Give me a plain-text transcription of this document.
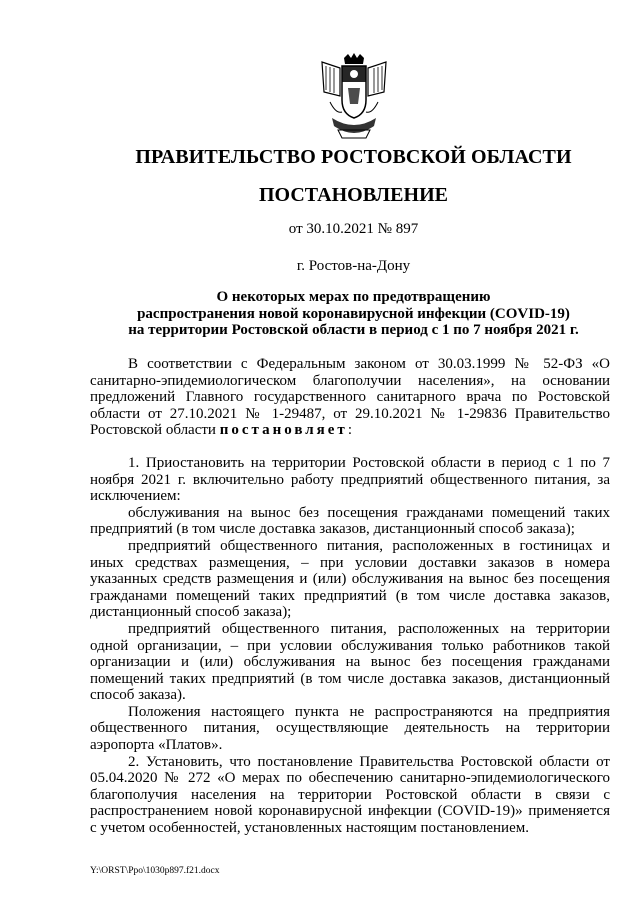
ПРАВИТЕЛЬСТВО РОСТОВСКОЙ ОБЛАСТИ
ПОСТАНОВЛЕНИЕ
от 30.10.2021 № 897
г. Ростов-на-Дону
О некоторых мерах по предотвращению
распространения новой коронавирусной инфекции (COVID-19)
на территории Ростовской области в период с 1 по 7 ноября 2021 г.

В соответствии с Федеральным законом от 30.03.1999 № 52-ФЗ «О санитарно-эпидемиологическом благополучии населения», на основании предложений Главного государственного санитарного врача по Ростовской области от 27.10.2021 № 1-29487, от 29.10.2021 № 1-29836 Правительство Ростовской области постановляет:

1. Приостановить на территории Ростовской области в период с 1 по 7 ноября 2021 г. включительно работу предприятий общественного питания, за исключением:

обслуживания на вынос без посещения гражданами помещений таких предприятий (в том числе доставка заказов, дистанционный способ заказа);

предприятий общественного питания, расположенных в гостиницах и иных средствах размещения, – при условии доставки заказов в номера указанных средств размещения и (или) обслуживания на вынос без посещения гражданами помещений таких предприятий (в том числе доставка заказов, дистанционный способ заказа);

предприятий общественного питания, расположенных на территории одной организации, – при условии обслуживания только работников такой организации и (или) обслуживания на вынос без посещения гражданами помещений таких предприятий (в том числе доставка заказов, дистанционный способ заказа).

Положения настоящего пункта не распространяются на предприятия общественного питания, осуществляющие деятельность на территории аэропорта «Платов».

2. Установить, что постановление Правительства Ростовской области от 05.04.2020 № 272 «О мерах по обеспечению санитарно-эпидемиологического благополучия населения на территории Ростовской области в связи с распространением новой коронавирусной инфекции (COVID-19)» применяется с учетом особенностей, установленных настоящим постановлением.

Y:\ORST\Ppo\1030p897.f21.docx
